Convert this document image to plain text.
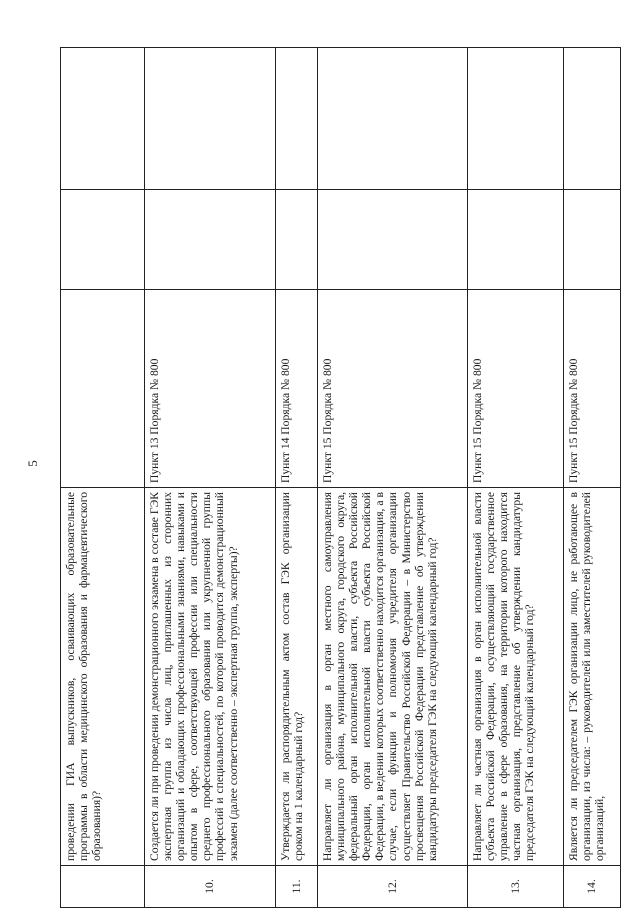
5
	проведении ГИА выпускников, осваивающих образовательные программы в области медицинского образования и фармацевтического образования)?			
10.	Создается ли при проведении демонстрационного экзамена в составе ГЭК экспертная группа из числа лиц, приглашенных из сторонних организаций и обладающих профессиональными знаниями, навыками и опытом в сфере, соответствующей профессии или специальности среднего профессионального образования или укрупненной группы профессий и специальностей, по которой проводится демонстрационный экзамен (далее соответственно – экспертная группа, эксперты)?	Пункт 13 Порядка № 800		
11.	Утверждается ли распорядительным актом состав ГЭК организации сроком на 1 календарный год?	Пункт 14 Порядка № 800		
12.	Направляет ли организация в орган местного самоуправления муниципального района, муниципального округа, городского округа, федеральный орган исполнительной власти, субъекта Российской Федерации, орган исполнительной власти субъекта Российской Федерации, в ведении которых соответственно находится организация, а в случае, если функции и полномочия учредителя организации осуществляет Правительство Российской Федерации – в Министерство просвещения Российской Федерации представление об утверждении кандидатуры председателя ГЭК на следующий календарный год?	Пункт 15 Порядка № 800		
13.	Направляет ли частная организация в орган исполнительной власти субъекта Российской Федерации, осуществляющий государственное управление в сфере образования, на территории которого находится частная организация, представление об утверждении кандидатуры председателя ГЭК на следующий календарный год?	Пункт 15 Порядка № 800		
14.	Является ли председателем ГЭК организации лицо, не работающее в организации, из числа: – руководителей или заместителей руководителей организаций,	Пункт 15 Порядка № 800		
